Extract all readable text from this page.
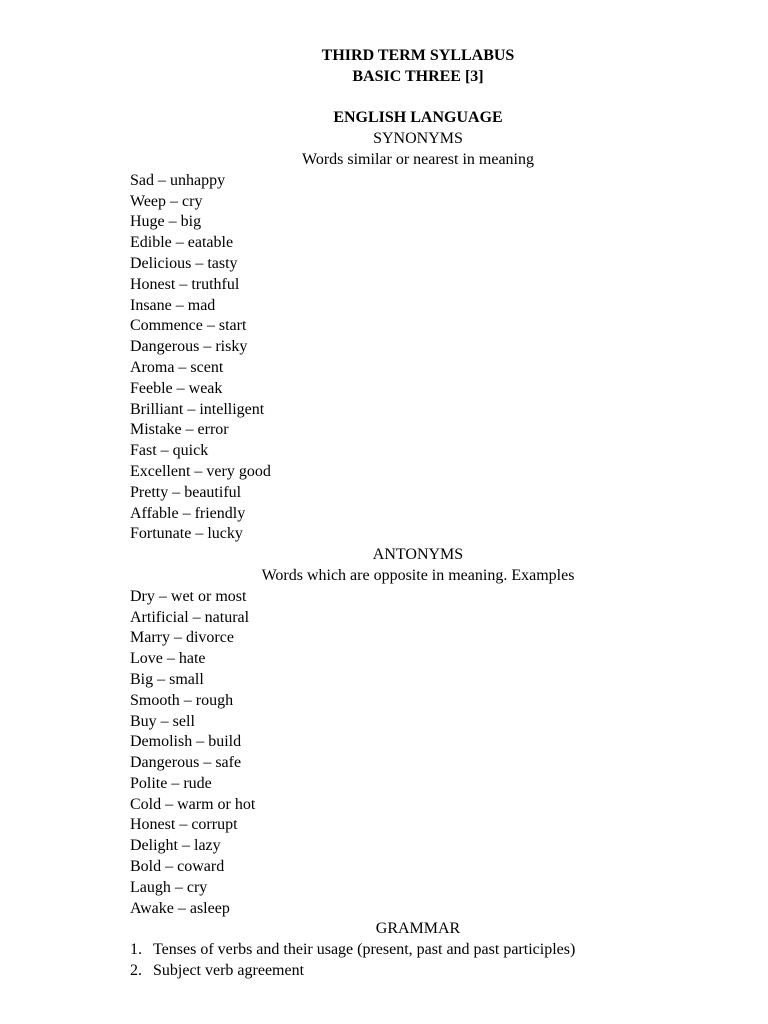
THIRD TERM SYLLABUS
BASIC THREE [3]
ENGLISH LANGUAGE
SYNONYMS
Words similar or nearest in meaning
Sad – unhappy
Weep – cry
Huge – big
Edible – eatable
Delicious – tasty
Honest – truthful
Insane – mad
Commence – start
Dangerous – risky
Aroma – scent
Feeble – weak
Brilliant – intelligent
Mistake – error
Fast – quick
Excellent – very good
Pretty – beautiful
Affable – friendly
Fortunate – lucky
ANTONYMS
Words which are opposite in meaning. Examples
Dry – wet or most
Artificial – natural
Marry – divorce
Love – hate
Big – small
Smooth – rough
Buy – sell
Demolish – build
Dangerous – safe
Polite – rude
Cold – warm or hot
Honest – corrupt
Delight – lazy
Bold – coward
Laugh – cry
Awake – asleep
GRAMMAR
1. Tenses of verbs and their usage (present, past and past participles)
2. Subject verb agreement
